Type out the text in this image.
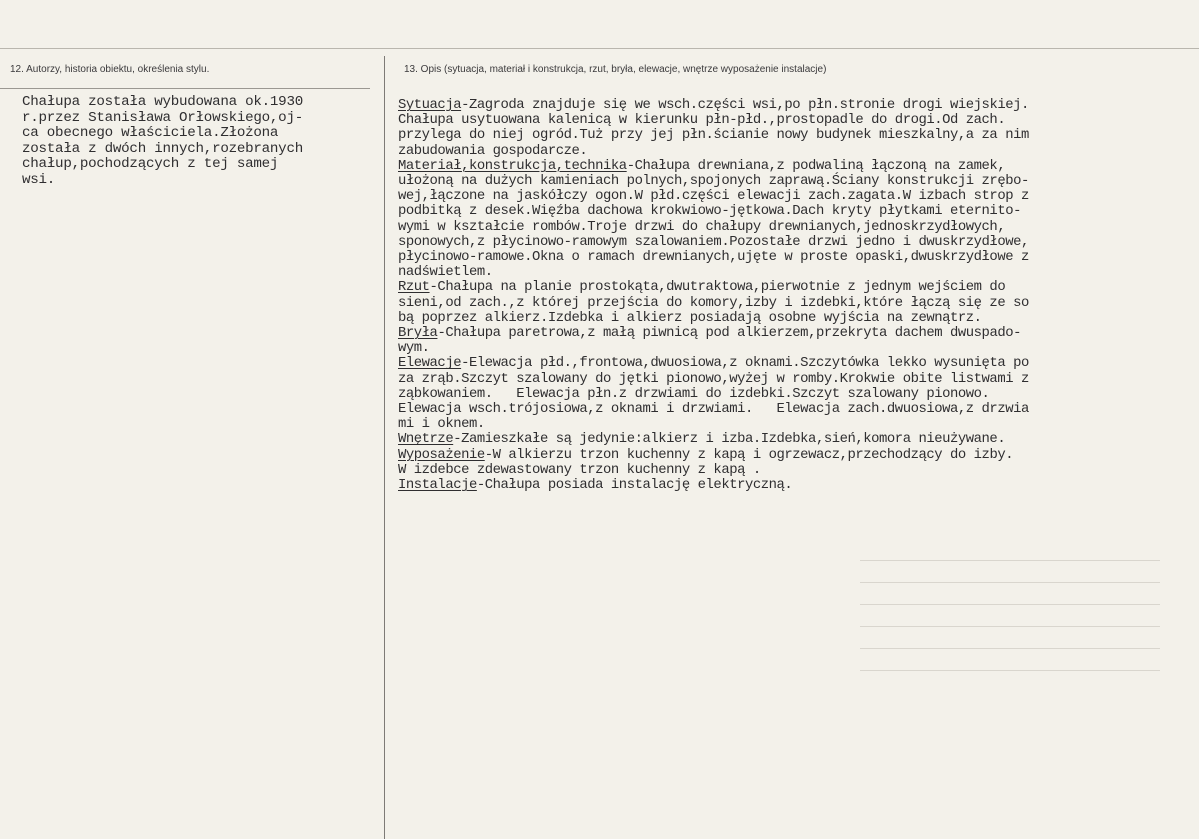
12. Autorzy, historia obiektu, określenia stylu.	13. Opis (sytuacja, materiał i konstrukcja, rzut, bryła, elewacje, wnętrze wyposażenie instalacje)
Chałupa została wybudowana ok.1930
r.przez Stanisława Orłowskiego,oj-
ca obecnego właściciela.Złożona
została z dwóch innych,rozebranych
chałup,pochodzących z tej samej
wsi.
Sytuacja-Zagroda znajduje się we wsch.części wsi,po płn.stronie drogi wiejskiej.
Chałupa usytuowana kalenicą w kierunku płn-płd.,prostopadle do drogi.Od zach.
przylega do niej ogród.Tuż przy jej płn.ścianie nowy budynek mieszkalny,a za nim
zabudowania gospodarcze.
Materiał,konstrukcja,technika-Chałupa drewniana,z podwaliną łączoną na zamek,
ułożoną na dużych kamieniach polnych,spojonych zaprawą.Ściany konstrukcji zrębo-
wej,łączone na jaskółczy ogon.W płd.części elewacji zach.zagata.W izbach strop z
podbitką z desek.Więźba dachowa krokwiowo-jętkowa.Dach kryty płytkami eternito-
wymi w kształcie rombów.Troje drzwi do chałupy drewnianych,jednoskrzydłowych,
sponowych,z płycinowo-ramowym szalowaniem.Pozostałe drzwi jedno i dwuskrzydłowe,
płycinowo-ramowe.Okna o ramach drewnianych,ujęte w proste opaski,dwuskrzydłowe z
nadświetlem.
Rzut-Chałupa na planie prostokąta,dwutraktowa,pierwotnie z jednym wejściem do
sieni,od zach.,z której przejścia do komory,izby i izdebki,które łączą się ze so
bą poprzez alkierz.Izdebka i alkierz posiadają osobne wyjścia na zewnątrz.
Bryła-Chałupa paretrowa,z małą piwnicą pod alkierzem,przekryta dachem dwuspado-
wym.
Elewacje-Elewacja płd.,frontowa,dwuosiowa,z oknami.Szczytówka lekko wysunięta po
za zrąb.Szczyt szalowany do jętki pionowo,wyżej w romby.Krokwie obite listwami z
ząbkowaniem.   Elewacja płn.z drzwiami do izdebki.Szczyt szalowany pionowo.
Elewacja wsch.trójosiowa,z oknami i drzwiami.   Elewacja zach.dwuosiowa,z drzwia
mi i oknem.
Wnętrze-Zamieszkałe są jedynie:alkierz i izba.Izdebka,sień,komora nieużywane.
Wyposażenie-W alkierzu trzon kuchenny z kapą i ogrzewacz,przechodzący do izby.
W izdebce zdewastowany trzon kuchenny z kapą .
Instalacje-Chałupa posiada instalację elektryczną.
